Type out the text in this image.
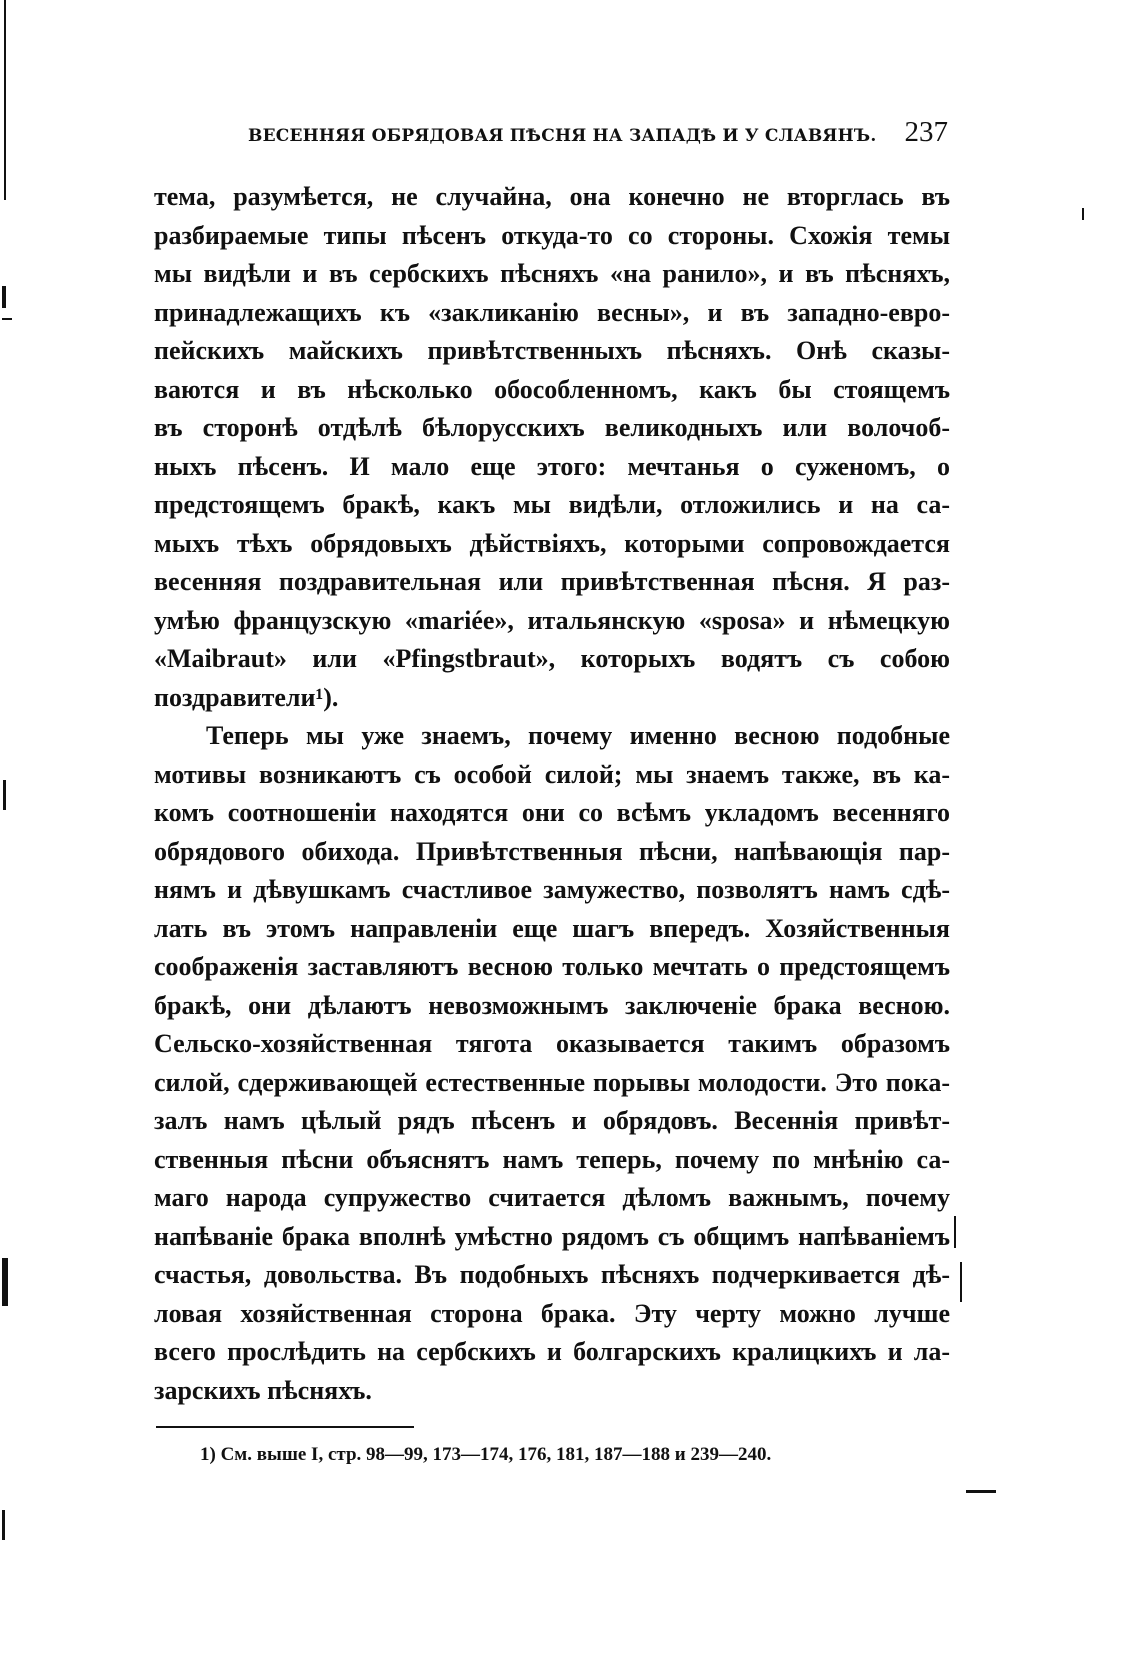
ВЕСЕННЯЯ ОБРЯДОВАЯ ПѢСНЯ НА ЗАПАДѢ И У СЛАВЯНЪ. 237
тема, разумѣется, не случайна, она конечно не вторглась въ
разбираемые типы пѣсенъ откуда-то со стороны. Схожія темы
мы видѣли и въ сербскихъ пѣсняхъ «на ранило», и въ пѣсняхъ,
принадлежащихъ къ «закликанію весны», и въ западно-евро-
пейскихъ майскихъ привѣтственныхъ пѣсняхъ. Онѣ сказы-
ваются и въ нѣсколько обособленномъ, какъ бы стоящемъ
въ сторонѣ отдѣлѣ бѣлорусскихъ великодныхъ или волочоб-
ныхъ пѣсенъ. И мало еще этого: мечтанья о суженомъ, о
предстоящемъ бракѣ, какъ мы видѣли, отложились и на са-
мыхъ тѣхъ обрядовыхъ дѣйствіяхъ, которыми сопровождается
весенняя поздравительная или привѣтственная пѣсня. Я раз-
умѣю французскую «mariée», итальянскую «sposa» и нѣмецкую
«Maibraut» или «Pfingstbraut», которыхъ водятъ съ собою
поздравители¹).
Теперь мы уже знаемъ, почему именно весною подобные
мотивы возникаютъ съ особой силой; мы знаемъ также, въ ка-
комъ соотношеніи находятся они со всѣмъ укладомъ весенняго
обрядового обихода. Привѣтственныя пѣсни, напѣвающія пар-
нямъ и дѣвушкамъ счастливое замужество, позволятъ намъ сдѣ-
лать въ этомъ направленіи еще шагъ впередъ. Хозяйственныя
соображенія заставляютъ весною только мечтать о предстоящемъ
бракѣ, они дѣлаютъ невозможнымъ заключеніе брака весною.
Сельско-хозяйственная тягота оказывается такимъ образомъ
силой, сдерживающей естественные порывы молодости. Это пока-
залъ намъ цѣлый рядъ пѣсенъ и обрядовъ. Весеннія привѣт-
ственныя пѣсни объяснятъ намъ теперь, почему по мнѣнію са-
маго народа супружество считается дѣломъ важнымъ, почему
напѣваніе брака вполнѣ умѣстно рядомъ съ общимъ напѣваніемъ
счастья, довольства. Въ подобныхъ пѣсняхъ подчеркивается дѣ-
ловая хозяйственная сторона брака. Эту черту можно лучше
всего прослѣдить на сербскихъ и болгарскихъ кралицкихъ и ла-
зарскихъ пѣсняхъ.
1) См. выше I, стр. 98—99, 173—174, 176, 181, 187—188 и 239—240.
